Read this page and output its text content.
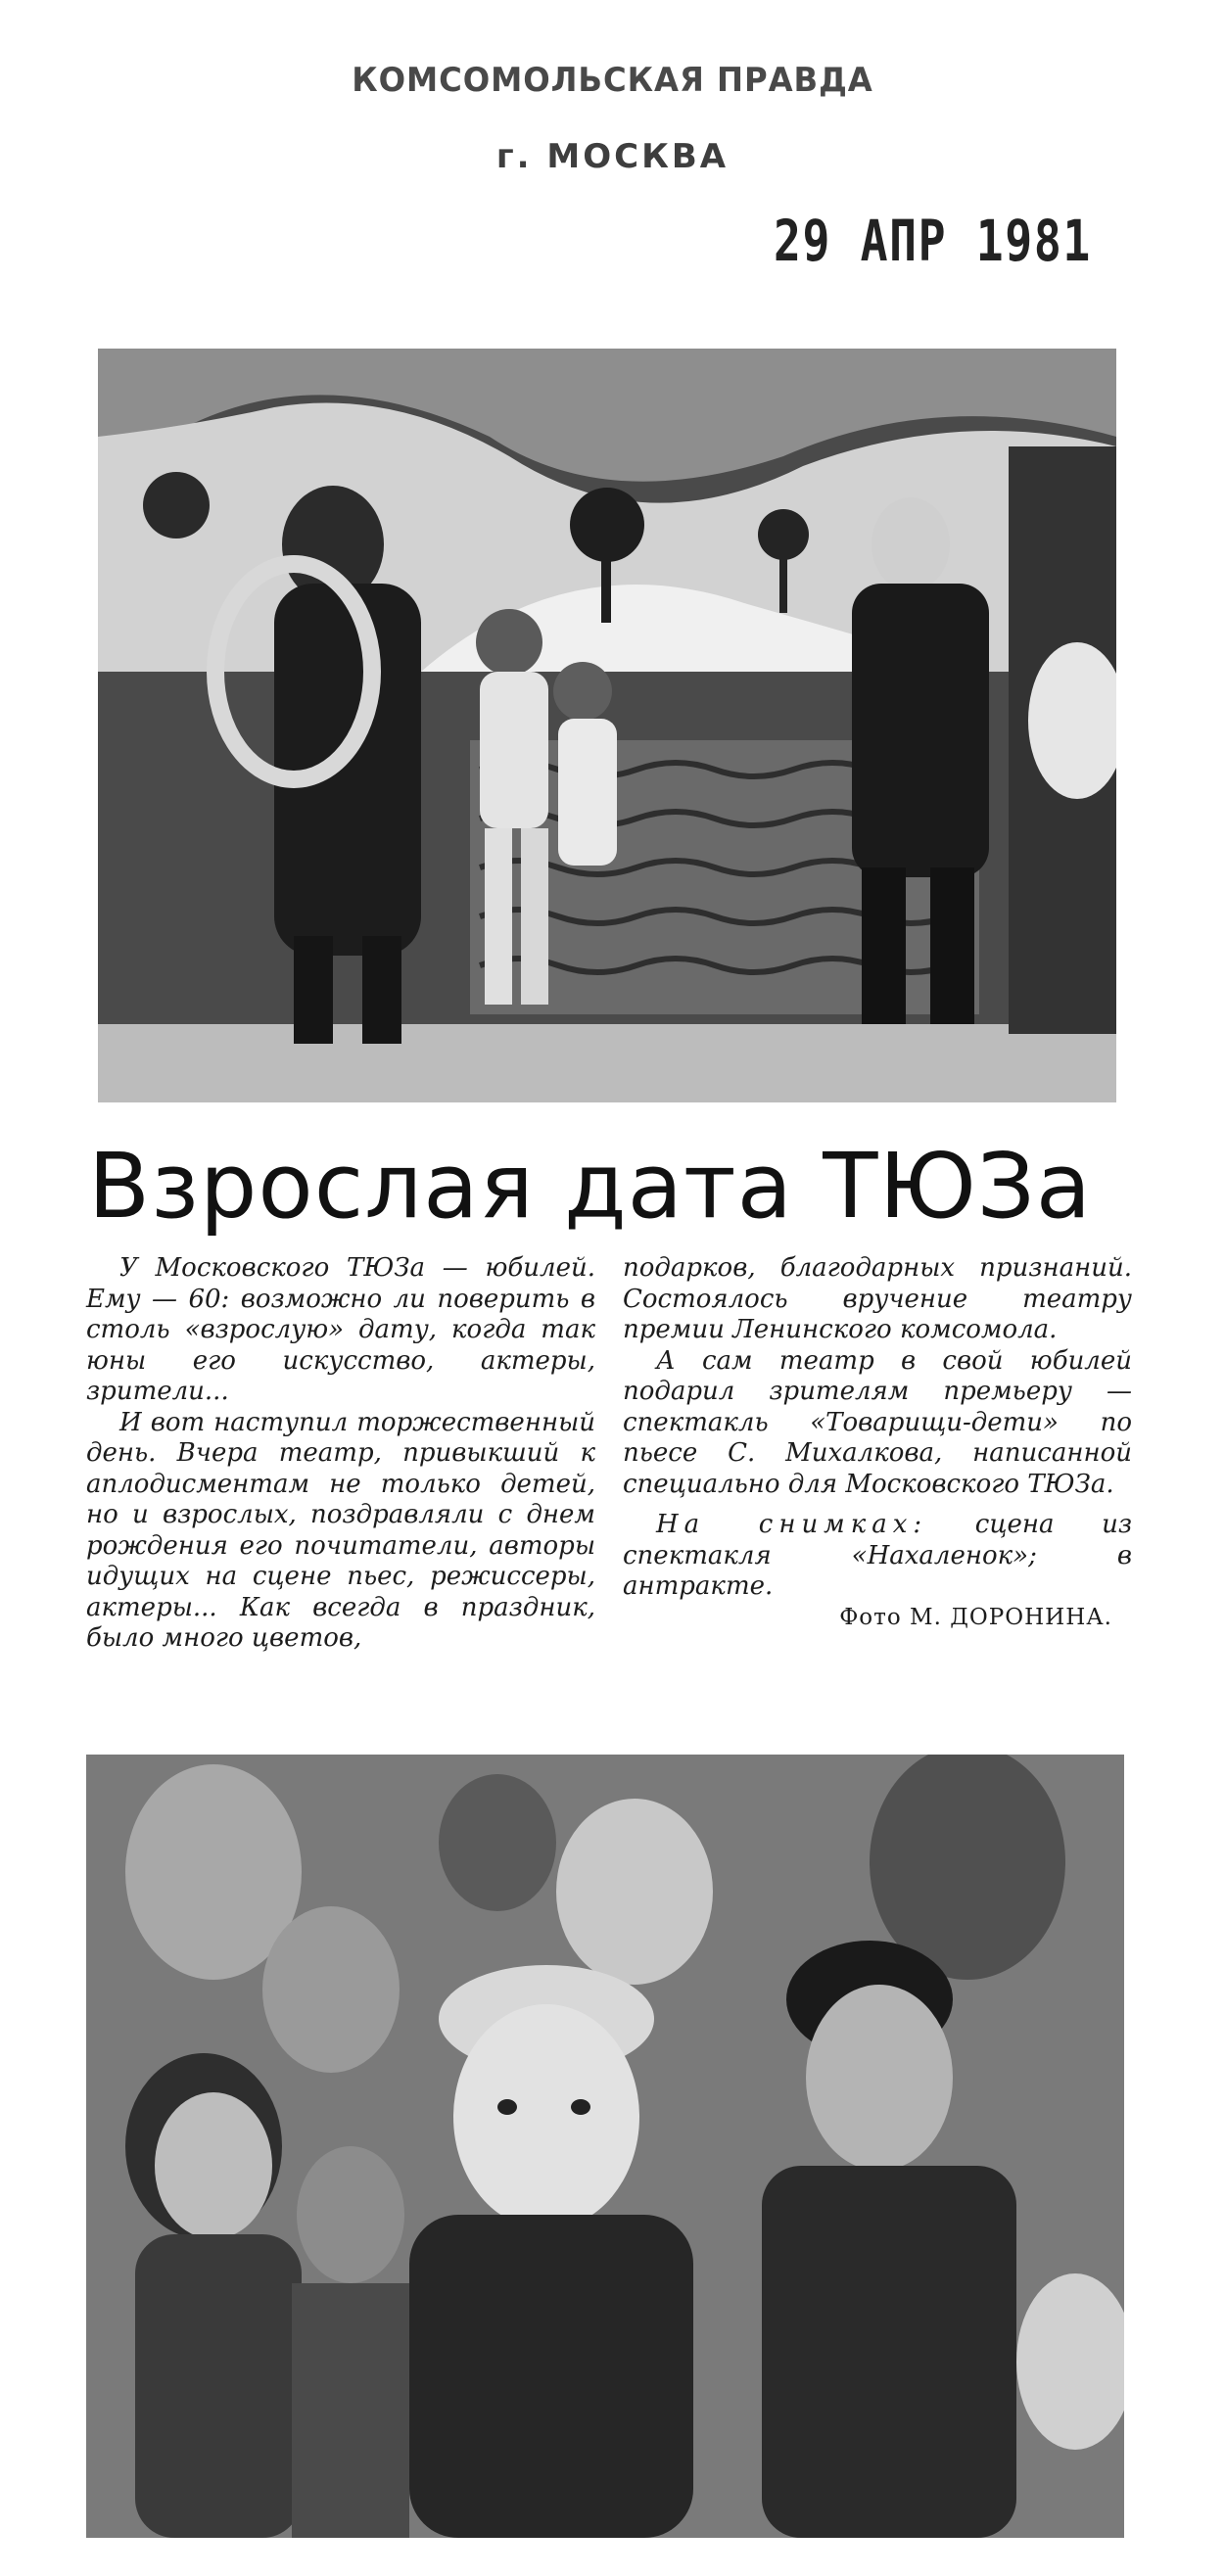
КОМСОМОЛЬСКАЯ ПРАВДА
г. МОСКВА
29 АПР 1981
Взрослая дата ТЮЗа

У Московского ТЮЗа — юбилей. Ему — 60: возможно ли поверить в столь «взрослую» дату, когда так юны его искусство, актеры, зрители...

И вот наступил торжественный день. Вчера театр, привыкший к аплодисментам не только детей, но и взрослых, поздравляли с днем рождения его почитатели, авторы идущих на сцене пьес, режиссеры, актеры... Как всегда в праздник, было много цветов,

подарков, благодарных признаний. Состоялось вручение театру премии Ленинского комсомола.

А сам театр в свой юбилей подарил зрителям премьеру — спектакль «Товарищи-дети» по пьесе С. Михалкова, написанной специально для Московского ТЮЗа.

На снимках: сцена из спектакля «Нахаленок»; в антракте.

Фото М. ДОРОНИНА.
